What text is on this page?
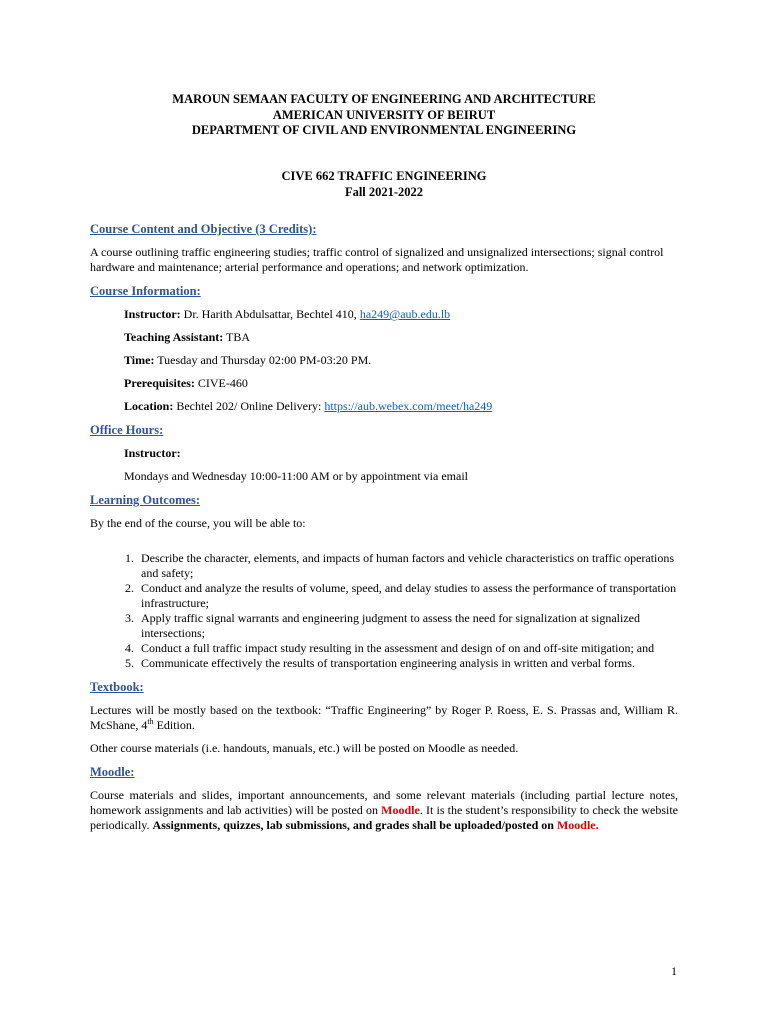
MAROUN SEMAAN FACULTY OF ENGINEERING AND ARCHITECTURE
AMERICAN UNIVERSITY OF BEIRUT
DEPARTMENT OF CIVIL AND ENVIRONMENTAL ENGINEERING
CIVE 662 TRAFFIC ENGINEERING
Fall 2021-2022
Course Content and Objective (3 Credits):

A course outlining traffic engineering studies; traffic control of signalized and unsignalized intersections; signal control hardware and maintenance; arterial performance and operations; and network optimization.

Course Information:
Instructor: Dr. Harith Abdulsattar, Bechtel 410, ha249@aub.edu.lb
Teaching Assistant: TBA
Time: Tuesday and Thursday 02:00 PM-03:20 PM.
Prerequisites: CIVE-460
Location: Bechtel 202/ Online Delivery: https://aub.webex.com/meet/ha249
Office Hours:
Instructor:
Mondays and Wednesday 10:00-11:00 AM or by appointment via email
Learning Outcomes:

By the end of the course, you will be able to:

1. Describe the character, elements, and impacts of human factors and vehicle characteristics on traffic operations and safety;
2. Conduct and analyze the results of volume, speed, and delay studies to assess the performance of transportation infrastructure;
3. Apply traffic signal warrants and engineering judgment to assess the need for signalization at signalized intersections;
4. Conduct a full traffic impact study resulting in the assessment and design of on and off-site mitigation; and
5. Communicate effectively the results of transportation engineering analysis in written and verbal forms.
Textbook:

Lectures will be mostly based on the textbook: “Traffic Engineering” by Roger P. Roess, E. S. Prassas and, William R. McShane, 4th Edition.

Other course materials (i.e. handouts, manuals, etc.) will be posted on Moodle as needed.

Moodle:

Course materials and slides, important announcements, and some relevant materials (including partial lecture notes, homework assignments and lab activities) will be posted on Moodle. It is the student’s responsibility to check the website periodically. Assignments, quizzes, lab submissions, and grades shall be uploaded/posted on Moodle.

1
